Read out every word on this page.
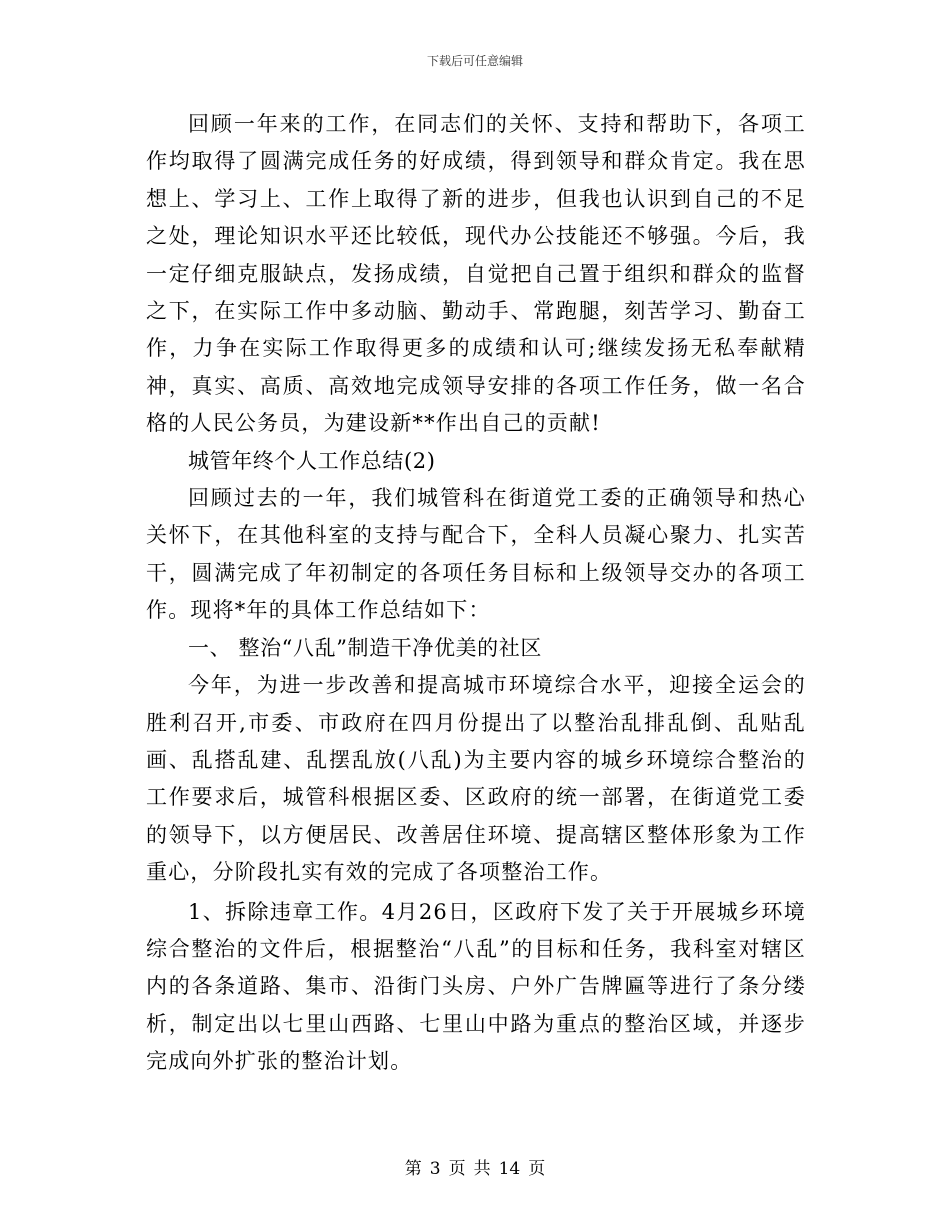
下载后可任意编辑

回顾一年来的工作，在同志们的关怀、支持和帮助下，各项工作均取得了圆满完成任务的好成绩，得到领导和群众肯定。我在思想上、学习上、工作上取得了新的进步，但我也认识到自己的不足之处，理论知识水平还比较低，现代办公技能还不够强。今后，我一定仔细克服缺点，发扬成绩，自觉把自己置于组织和群众的监督之下，在实际工作中多动脑、勤动手、常跑腿，刻苦学习、勤奋工作，力争在实际工作取得更多的成绩和认可;继续发扬无私奉献精神，真实、高质、高效地完成领导安排的各项工作任务，做一名合格的人民公务员，为建设新**作出自己的贡献!

城管年终个人工作总结(2)

回顾过去的一年，我们城管科在街道党工委的正确领导和热心关怀下，在其他科室的支持与配合下，全科人员凝心聚力、扎实苦干，圆满完成了年初制定的各项任务目标和上级领导交办的各项工作。现将*年的具体工作总结如下：

一、 整治“八乱”制造干净优美的社区

今年，为进一步改善和提高城市环境综合水平，迎接全运会的胜利召开,市委、市政府在四月份提出了以整治乱排乱倒、乱贴乱画、乱搭乱建、乱摆乱放(八乱)为主要内容的城乡环境综合整治的工作要求后，城管科根据区委、区政府的统一部署，在街道党工委的领导下，以方便居民、改善居住环境、提高辖区整体形象为工作重心，分阶段扎实有效的完成了各项整治工作。

1、拆除违章工作。4月26日，区政府下发了关于开展城乡环境综合整治的文件后，根据整治“八乱”的目标和任务，我科室对辖区内的各条道路、集市、沿街门头房、户外广告牌匾等进行了条分缕析，制定出以七里山西路、七里山中路为重点的整治区域，并逐步完成向外扩张的整治计划。

第 3 页 共 14 页
